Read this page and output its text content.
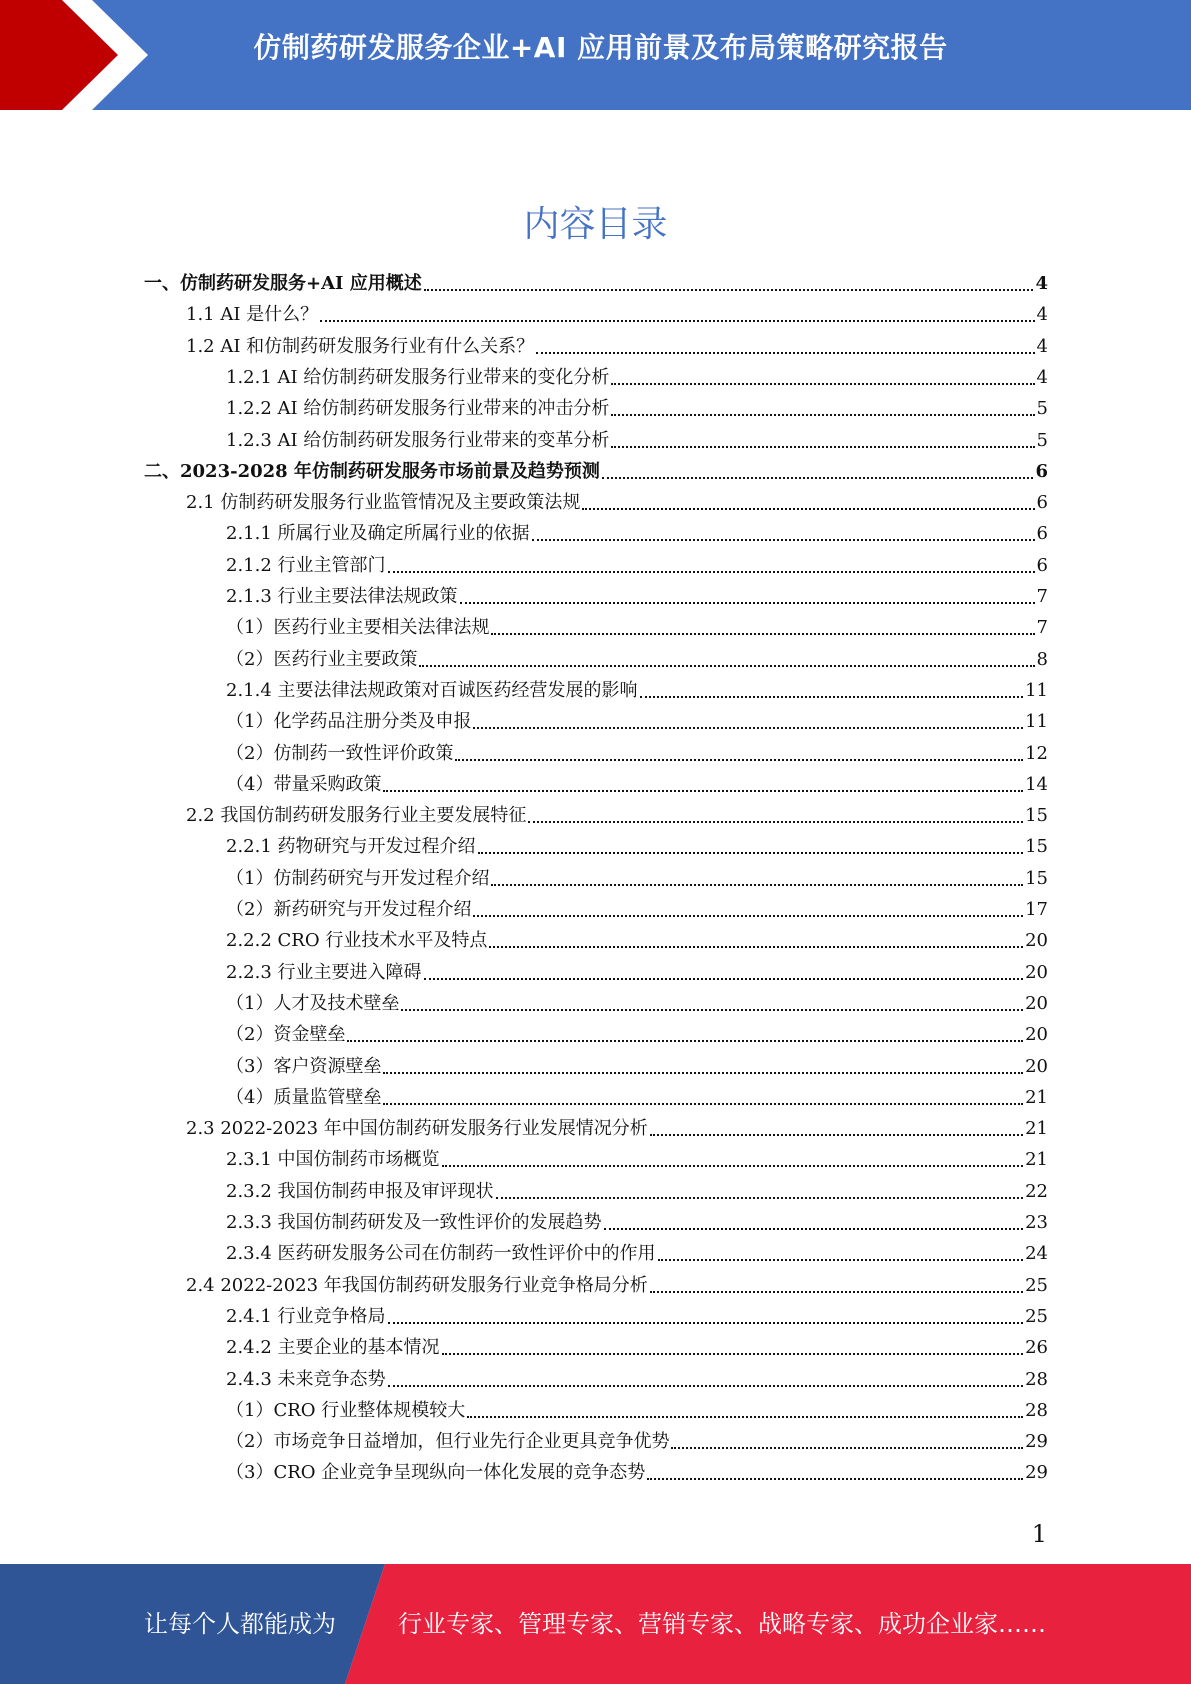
仿制药研发服务企业+AI 应用前景及布局策略研究报告
内容目录
一、仿制药研发服务+AI 应用概述	4
1.1 AI 是什么？	4
1.2 AI 和仿制药研发服务行业有什么关系？	4
1.2.1 AI 给仿制药研发服务行业带来的变化分析	4
1.2.2 AI 给仿制药研发服务行业带来的冲击分析	5
1.2.3 AI 给仿制药研发服务行业带来的变革分析	5
二、2023-2028 年仿制药研发服务市场前景及趋势预测	6
2.1 仿制药研发服务行业监管情况及主要政策法规	6
2.1.1 所属行业及确定所属行业的依据	6
2.1.2 行业主管部门	6
2.1.3 行业主要法律法规政策	7
（1）医药行业主要相关法律法规	7
（2）医药行业主要政策	8
2.1.4 主要法律法规政策对百诚医药经营发展的影响	11
（1）化学药品注册分类及申报	11
（2）仿制药一致性评价政策	12
（4）带量采购政策	14
2.2 我国仿制药研发服务行业主要发展特征	15
2.2.1 药物研究与开发过程介绍	15
（1）仿制药研究与开发过程介绍	15
（2）新药研究与开发过程介绍	17
2.2.2 CRO 行业技术水平及特点	20
2.2.3 行业主要进入障碍	20
（1）人才及技术壁垒	20
（2）资金壁垒	20
（3）客户资源壁垒	20
（4）质量监管壁垒	21
2.3 2022-2023 年中国仿制药研发服务行业发展情况分析	21
2.3.1 中国仿制药市场概览	21
2.3.2 我国仿制药申报及审评现状	22
2.3.3 我国仿制药研发及一致性评价的发展趋势	23
2.3.4 医药研发服务公司在仿制药一致性评价中的作用	24
2.4 2022-2023 年我国仿制药研发服务行业竞争格局分析	25
2.4.1 行业竞争格局	25
2.4.2 主要企业的基本情况	26
2.4.3 未来竞争态势	28
（1）CRO 行业整体规模较大	28
（2）市场竞争日益增加，但行业先行企业更具竞争优势	29
（3）CRO 企业竞争呈现纵向一体化发展的竞争态势	29
1
让每个人都能成为	行业专家、管理专家、营销专家、战略专家、成功企业家……
